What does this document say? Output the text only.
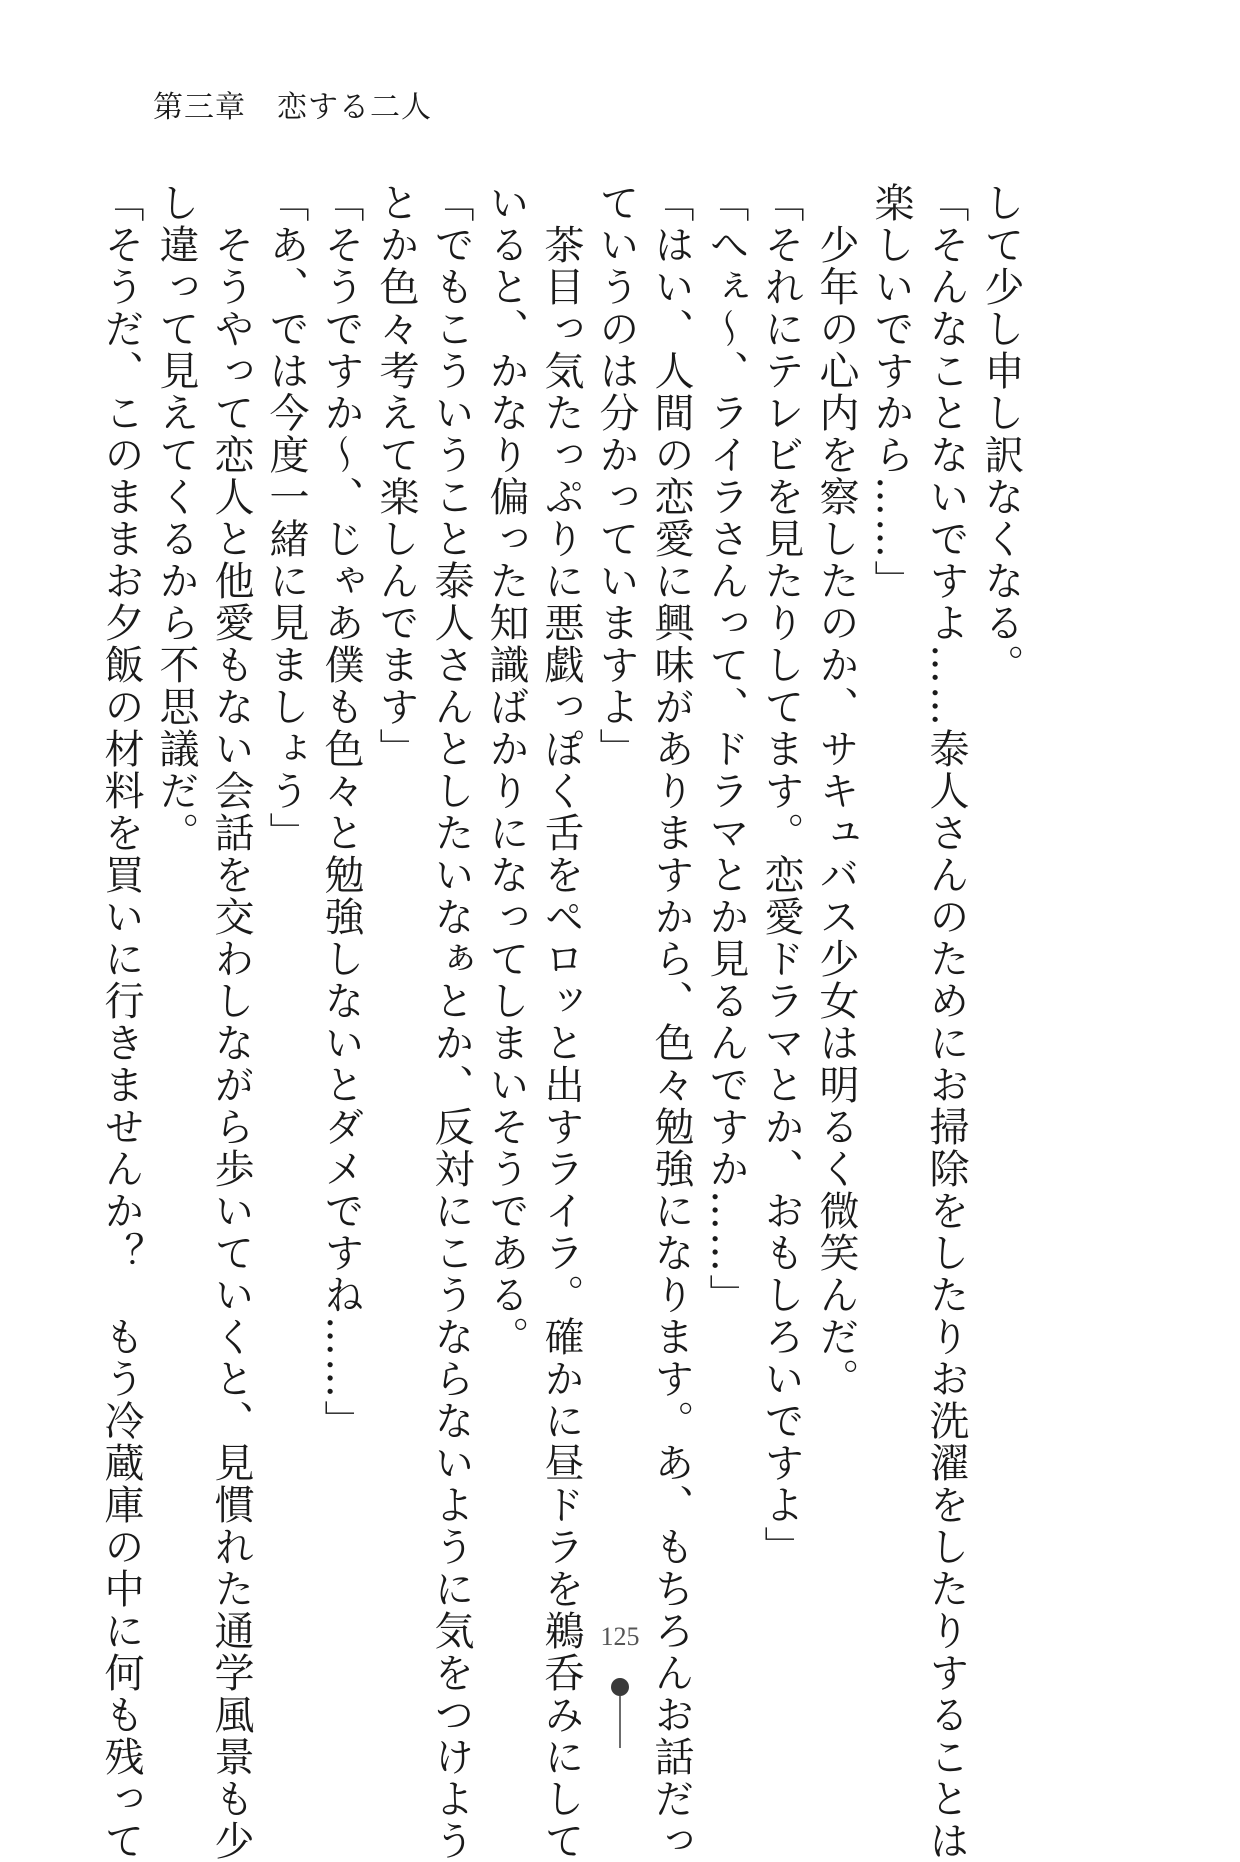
第三章　恋する二人
して少し申し訳なくなる。
「そんなことないですよ……泰人さんのためにお掃除をしたりお洗濯をしたりすることは
楽しいですから……」
　少年の心内を察したのか、サキュバス少女は明るく微笑んだ。
「それにテレビを見たりしてます。恋愛ドラマとか、おもしろいですよ」
「へぇ～、ライラさんって、ドラマとか見るんですか……」
「はい、人間の恋愛に興味がありますから、色々勉強になります。あ、もちろんお話だっ
ていうのは分かっていますよ」
　茶目っ気たっぷりに悪戯っぽく舌をペロッと出すライラ。確かに昼ドラを鵜呑みにして
いると、かなり偏った知識ばかりになってしまいそうである。
「でもこういうこと泰人さんとしたいなぁとか、反対にこうならないように気をつけよう
とか色々考えて楽しんでます」
「そうですか～、じゃあ僕も色々と勉強しないとダメですね……」
「あ、では今度一緒に見ましょう」
　そうやって恋人と他愛もない会話を交わしながら歩いていくと、見慣れた通学風景も少
し違って見えてくるから不思議だ。
「そうだ、このままお夕飯の材料を買いに行きませんか？　もう冷蔵庫の中に何も残って	125
